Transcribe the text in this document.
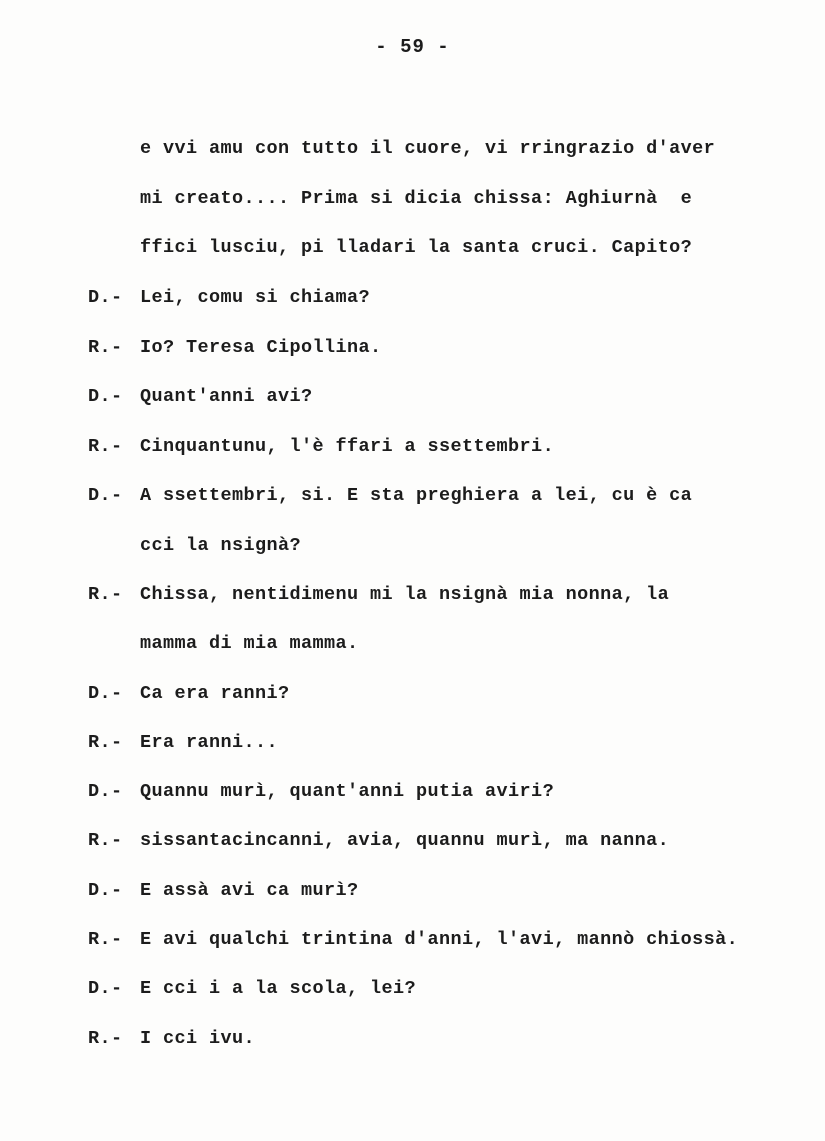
- 59 -
e vvi amu con tutto il cuore, vi rringrazio d'aver
mi creato.... Prima si dicia chissa: Aghiurnà  e
ffici lusciu, pi lladari la santa cruci. Capito?
D.- Lei, comu si chiama?
R.- Io? Teresa Cipollina.
D.- Quant'anni avi?
R.- Cinquantunu, l'è ffari a ssettembri.
D.- A ssettembri, si. E sta preghiera a lei, cu è ca
cci la nsignà?
R.- Chissa, nentidimenu mi la nsignà mia nonna, la
mamma di mia mamma.
D.- Ca era ranni?
R.- Era ranni...
D.- Quannu murì, quant'anni putia aviri?
R.- sissantacincanni, avia, quannu murì, ma nanna.
D.- E assà avi ca murì?
R.- E avi qualchi trintina d'anni, l'avi, mannò chiossà.
D.- E cci i a la scola, lei?
R.- I cci ivu.
